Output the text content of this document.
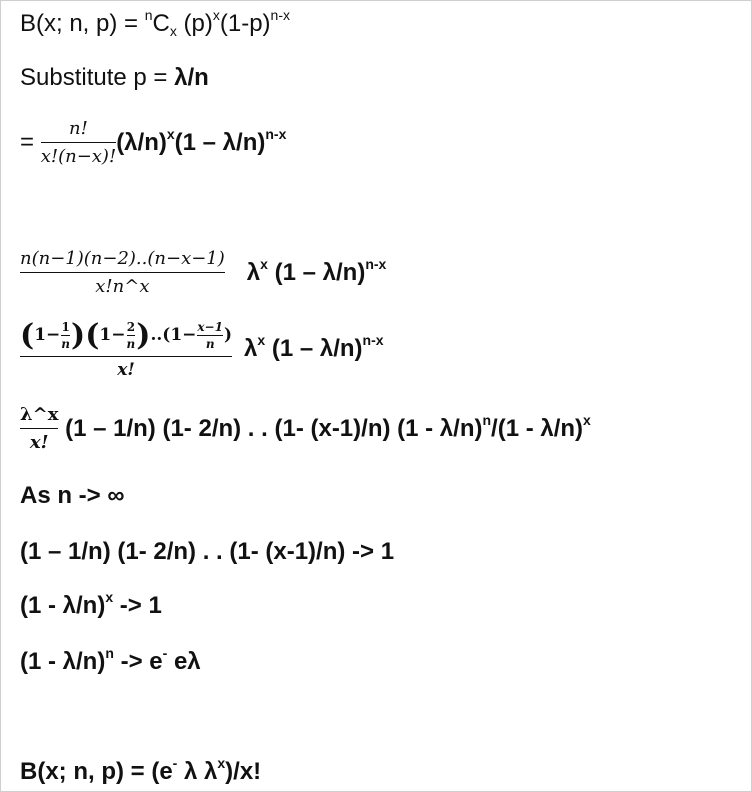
B(x; n, $p) = ^nC_x$ $(p)^x(1-p)^{n-x}$
Substitute p = λ/n
= $\frac{n!}{x!(n-x)!} (\lambda/n)^x(1 - \lambda/n)^{n-x}$
$\frac{n(n-1)(n-2)..(n-x-1)}{x!n\^{}x} \lambda^x$ (1 – λ/n)$^{n-x}$
$\frac{(1- \frac{1}{n} )(1- \frac{2}{n} )..(1- \frac{x-1}{n} )}{x!} \lambda^x$ (1 – λ/n)$^{n-x}$
$\frac{\lambda\^{}x}{x!} (1 - 1/n)$ (1- 2/n) . . (1- (x-1)/n) (1 - λ/n)$^n$/(1 - λ/n)$^x$
As n -> ∞
(1 – 1/n) (1- 2/n) . . (1- (x-1)/n) -> 1
(1 - λ/n)$^x$ -> 1
(1 - λ/n)$^n$ -> e- eλ
B(x; n, p) = (e- λ $\lambda^x)/x$!
